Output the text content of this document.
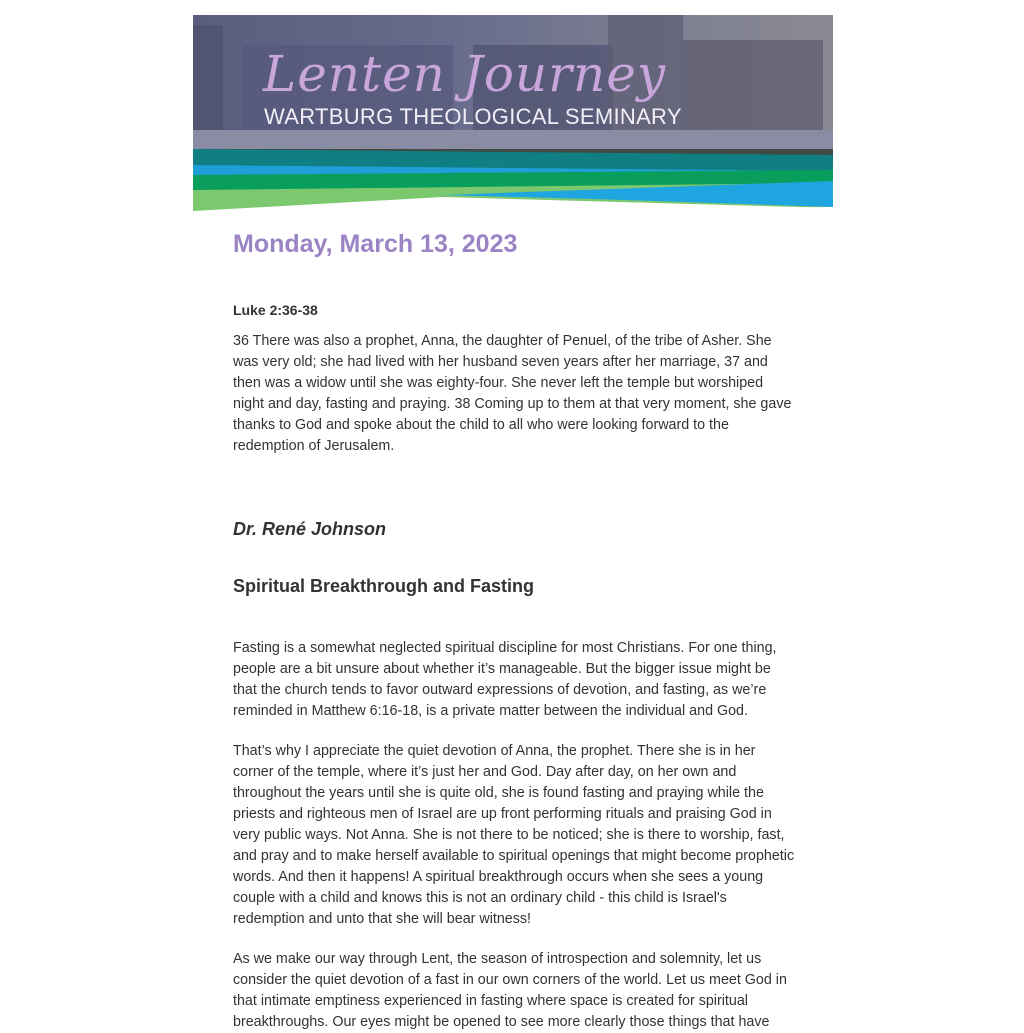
Lenten Journey
WARTBURG THEOLOGICAL SEMINARY
Monday, March 13, 2023
Luke 2:36-38

36 There was also a prophet, Anna, the daughter of Penuel, of the tribe of Asher. She was very old; she had lived with her husband seven years after her marriage, 37 and then was a widow until she was eighty-four. She never left the temple but worshiped night and day, fasting and praying. 38 Coming up to them at that very moment, she gave thanks to God and spoke about the child to all who were looking forward to the redemption of Jerusalem.

Dr. René Johnson
Spiritual Breakthrough and Fasting

Fasting is a somewhat neglected spiritual discipline for most Christians. For one thing, people are a bit unsure about whether it’s manageable. But the bigger issue might be that the church tends to favor outward expressions of devotion, and fasting, as we’re reminded in Matthew 6:16-18, is a private matter between the individual and God.

That’s why I appreciate the quiet devotion of Anna, the prophet. There she is in her corner of the temple, where it’s just her and God. Day after day, on her own and throughout the years until she is quite old, she is found fasting and praying while the priests and righteous men of Israel are up front performing rituals and praising God in very public ways. Not Anna. She is not there to be noticed; she is there to worship, fast, and pray and to make herself available to spiritual openings that might become prophetic words. And then it happens! A spiritual breakthrough occurs when she sees a young couple with a child and knows this is not an ordinary child - this child is Israel's redemption and unto that she will bear witness!

As we make our way through Lent, the season of introspection and solemnity, let us consider the quiet devotion of a fast in our own corners of the world. Let us meet God in that intimate emptiness experienced in fasting where space is created for spiritual breakthroughs. Our eyes might be opened to see more clearly those things that have
